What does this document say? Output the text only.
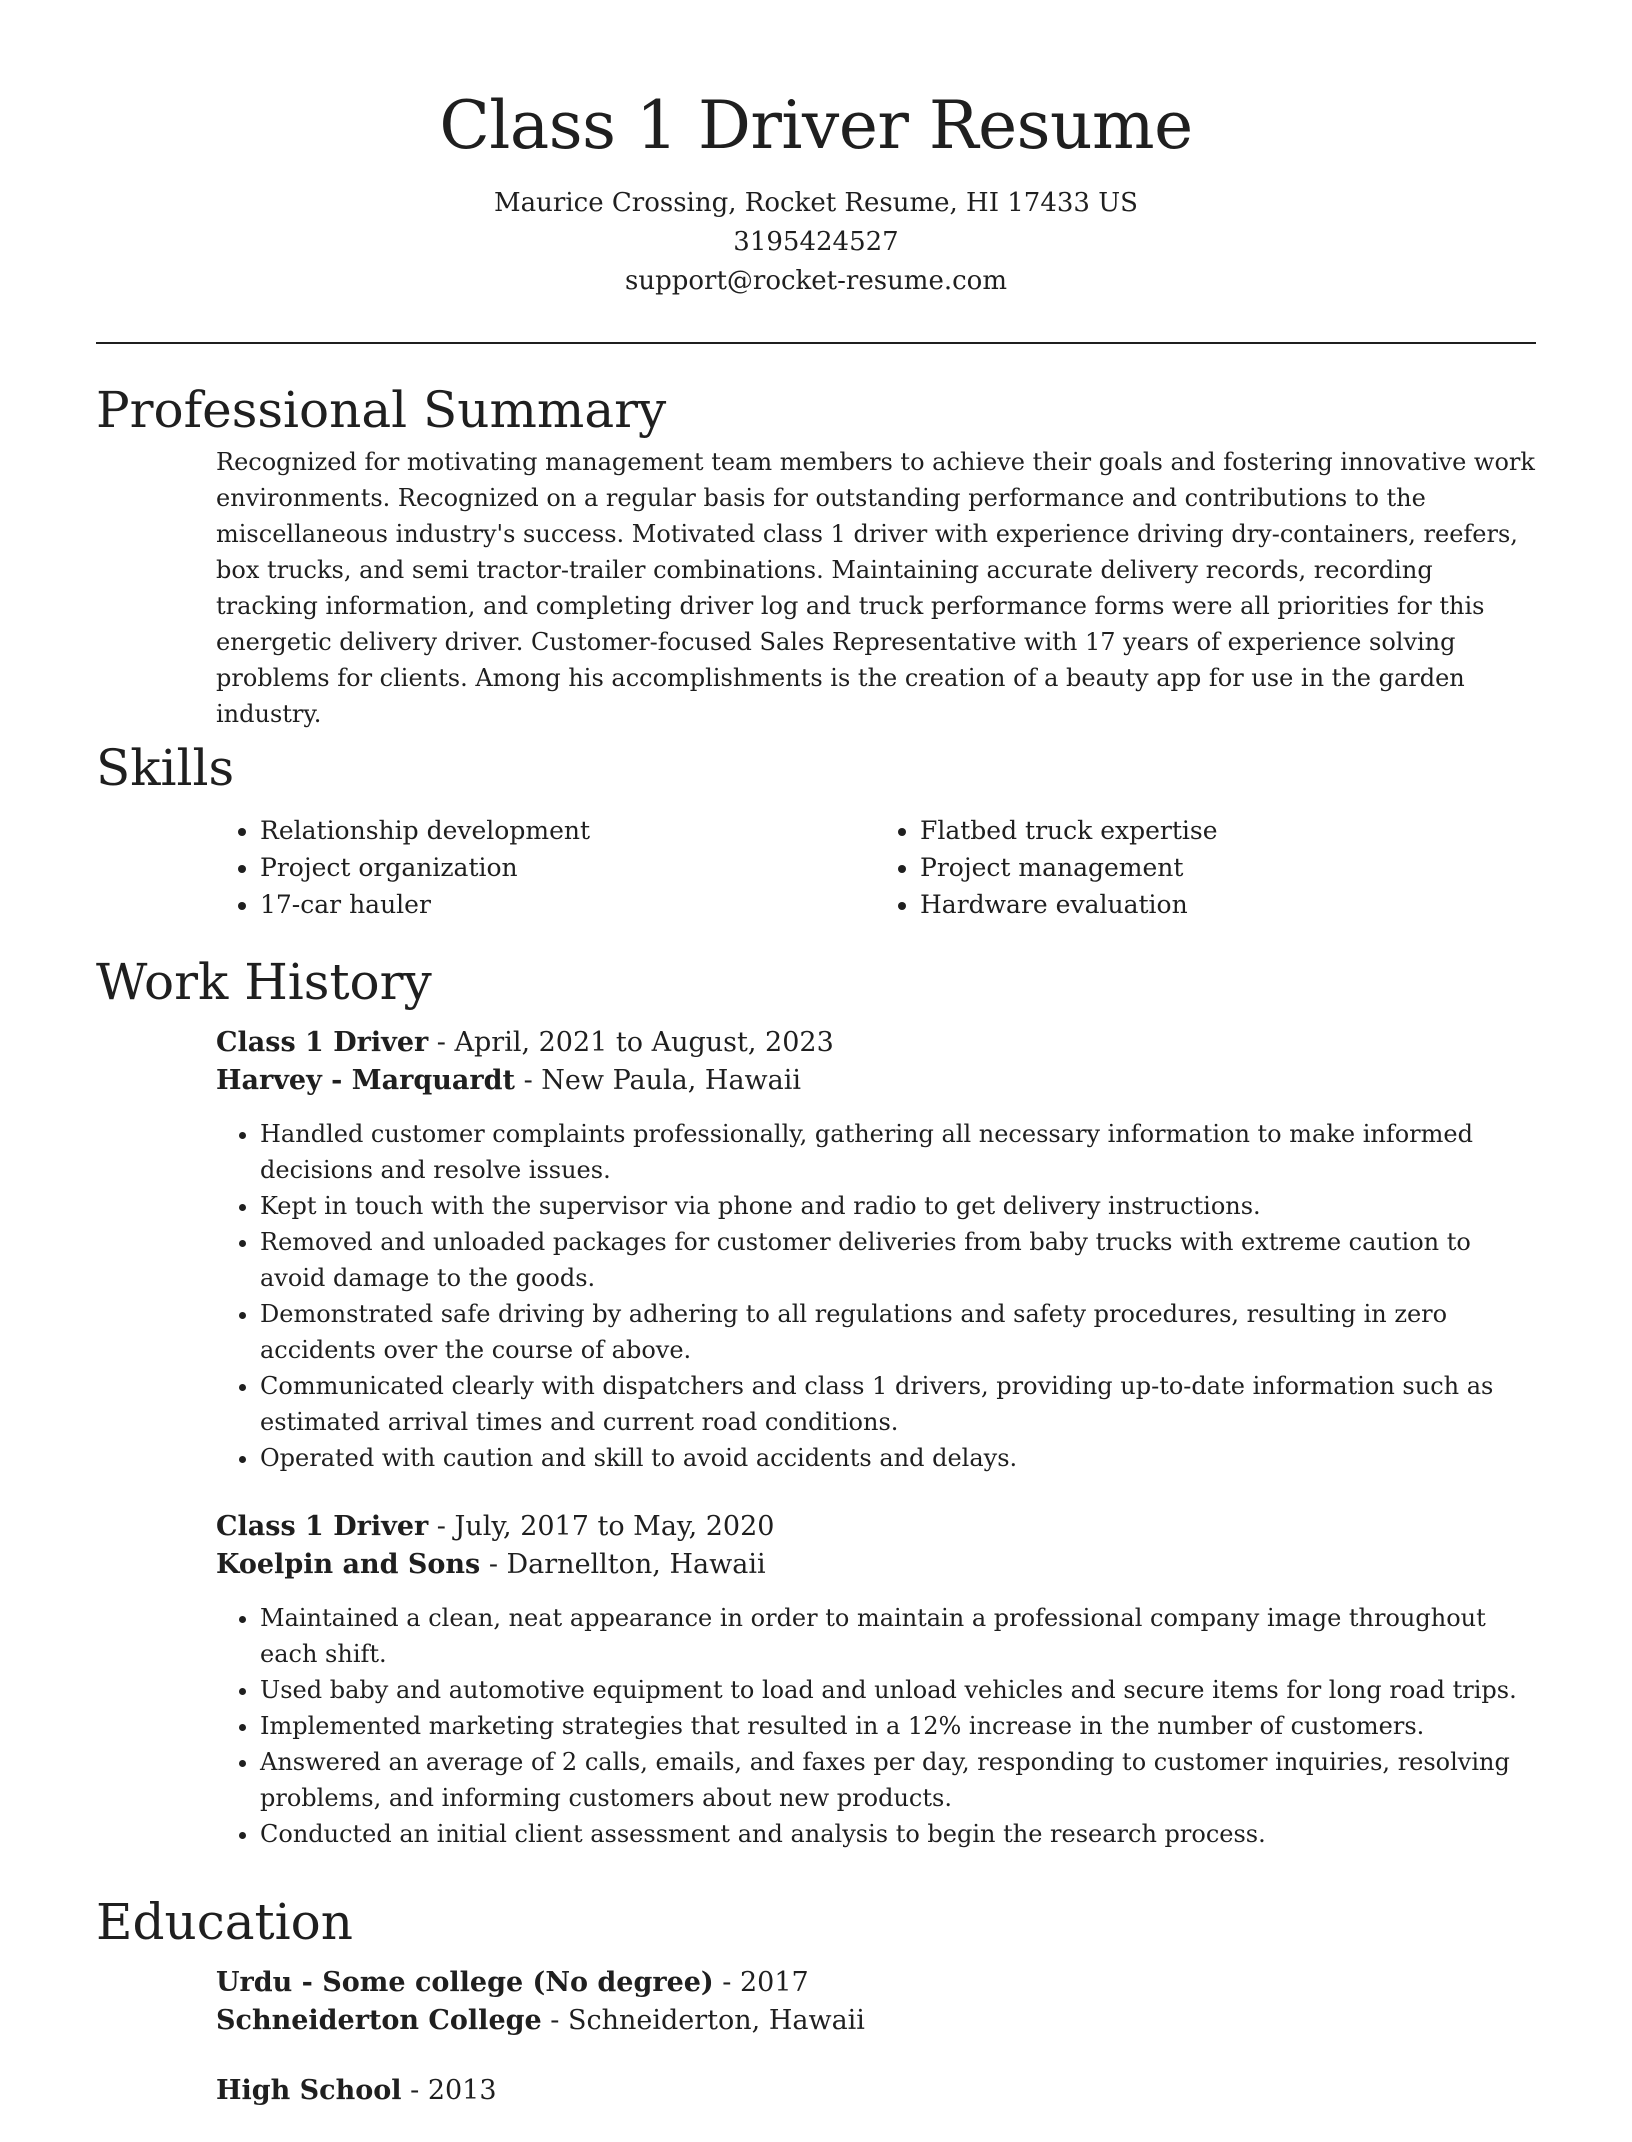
Class 1 Driver Resume
Maurice Crossing, Rocket Resume, HI 17433 US
3195424527
support@rocket-resume.com
Professional Summary

Recognized for motivating management team members to achieve their goals and fostering innovative work environments. Recognized on a regular basis for outstanding performance and contributions to the miscellaneous industry's success. Motivated class 1 driver with experience driving dry-containers, reefers, box trucks, and semi tractor-trailer combinations. Maintaining accurate delivery records, recording tracking information, and completing driver log and truck performance forms were all priorities for this energetic delivery driver. Customer-focused Sales Representative with 17 years of experience solving problems for clients. Among his accomplishments is the creation of a beauty app for use in the garden industry.

Skills
• Relationship development
• Project organization
• 17-car hauler
• Flatbed truck expertise
• Project management
• Hardware evaluation
Work History
Class 1 Driver - April, 2021 to August, 2023
Harvey - Marquardt - New Paula, Hawaii
• Handled customer complaints professionally, gathering all necessary information to make informed decisions and resolve issues.
• Kept in touch with the supervisor via phone and radio to get delivery instructions.
• Removed and unloaded packages for customer deliveries from baby trucks with extreme caution to avoid damage to the goods.
• Demonstrated safe driving by adhering to all regulations and safety procedures, resulting in zero accidents over the course of above.
• Communicated clearly with dispatchers and class 1 drivers, providing up-to-date information such as estimated arrival times and current road conditions.
• Operated with caution and skill to avoid accidents and delays.
Class 1 Driver - July, 2017 to May, 2020
Koelpin and Sons - Darnellton, Hawaii
• Maintained a clean, neat appearance in order to maintain a professional company image throughout each shift.
• Used baby and automotive equipment to load and unload vehicles and secure items for long road trips.
• Implemented marketing strategies that resulted in a 12% increase in the number of customers.
• Answered an average of 2 calls, emails, and faxes per day, responding to customer inquiries, resolving problems, and informing customers about new products.
• Conducted an initial client assessment and analysis to begin the research process.
Education
Urdu - Some college (No degree) - 2017
Schneiderton College - Schneiderton, Hawaii
High School - 2013
